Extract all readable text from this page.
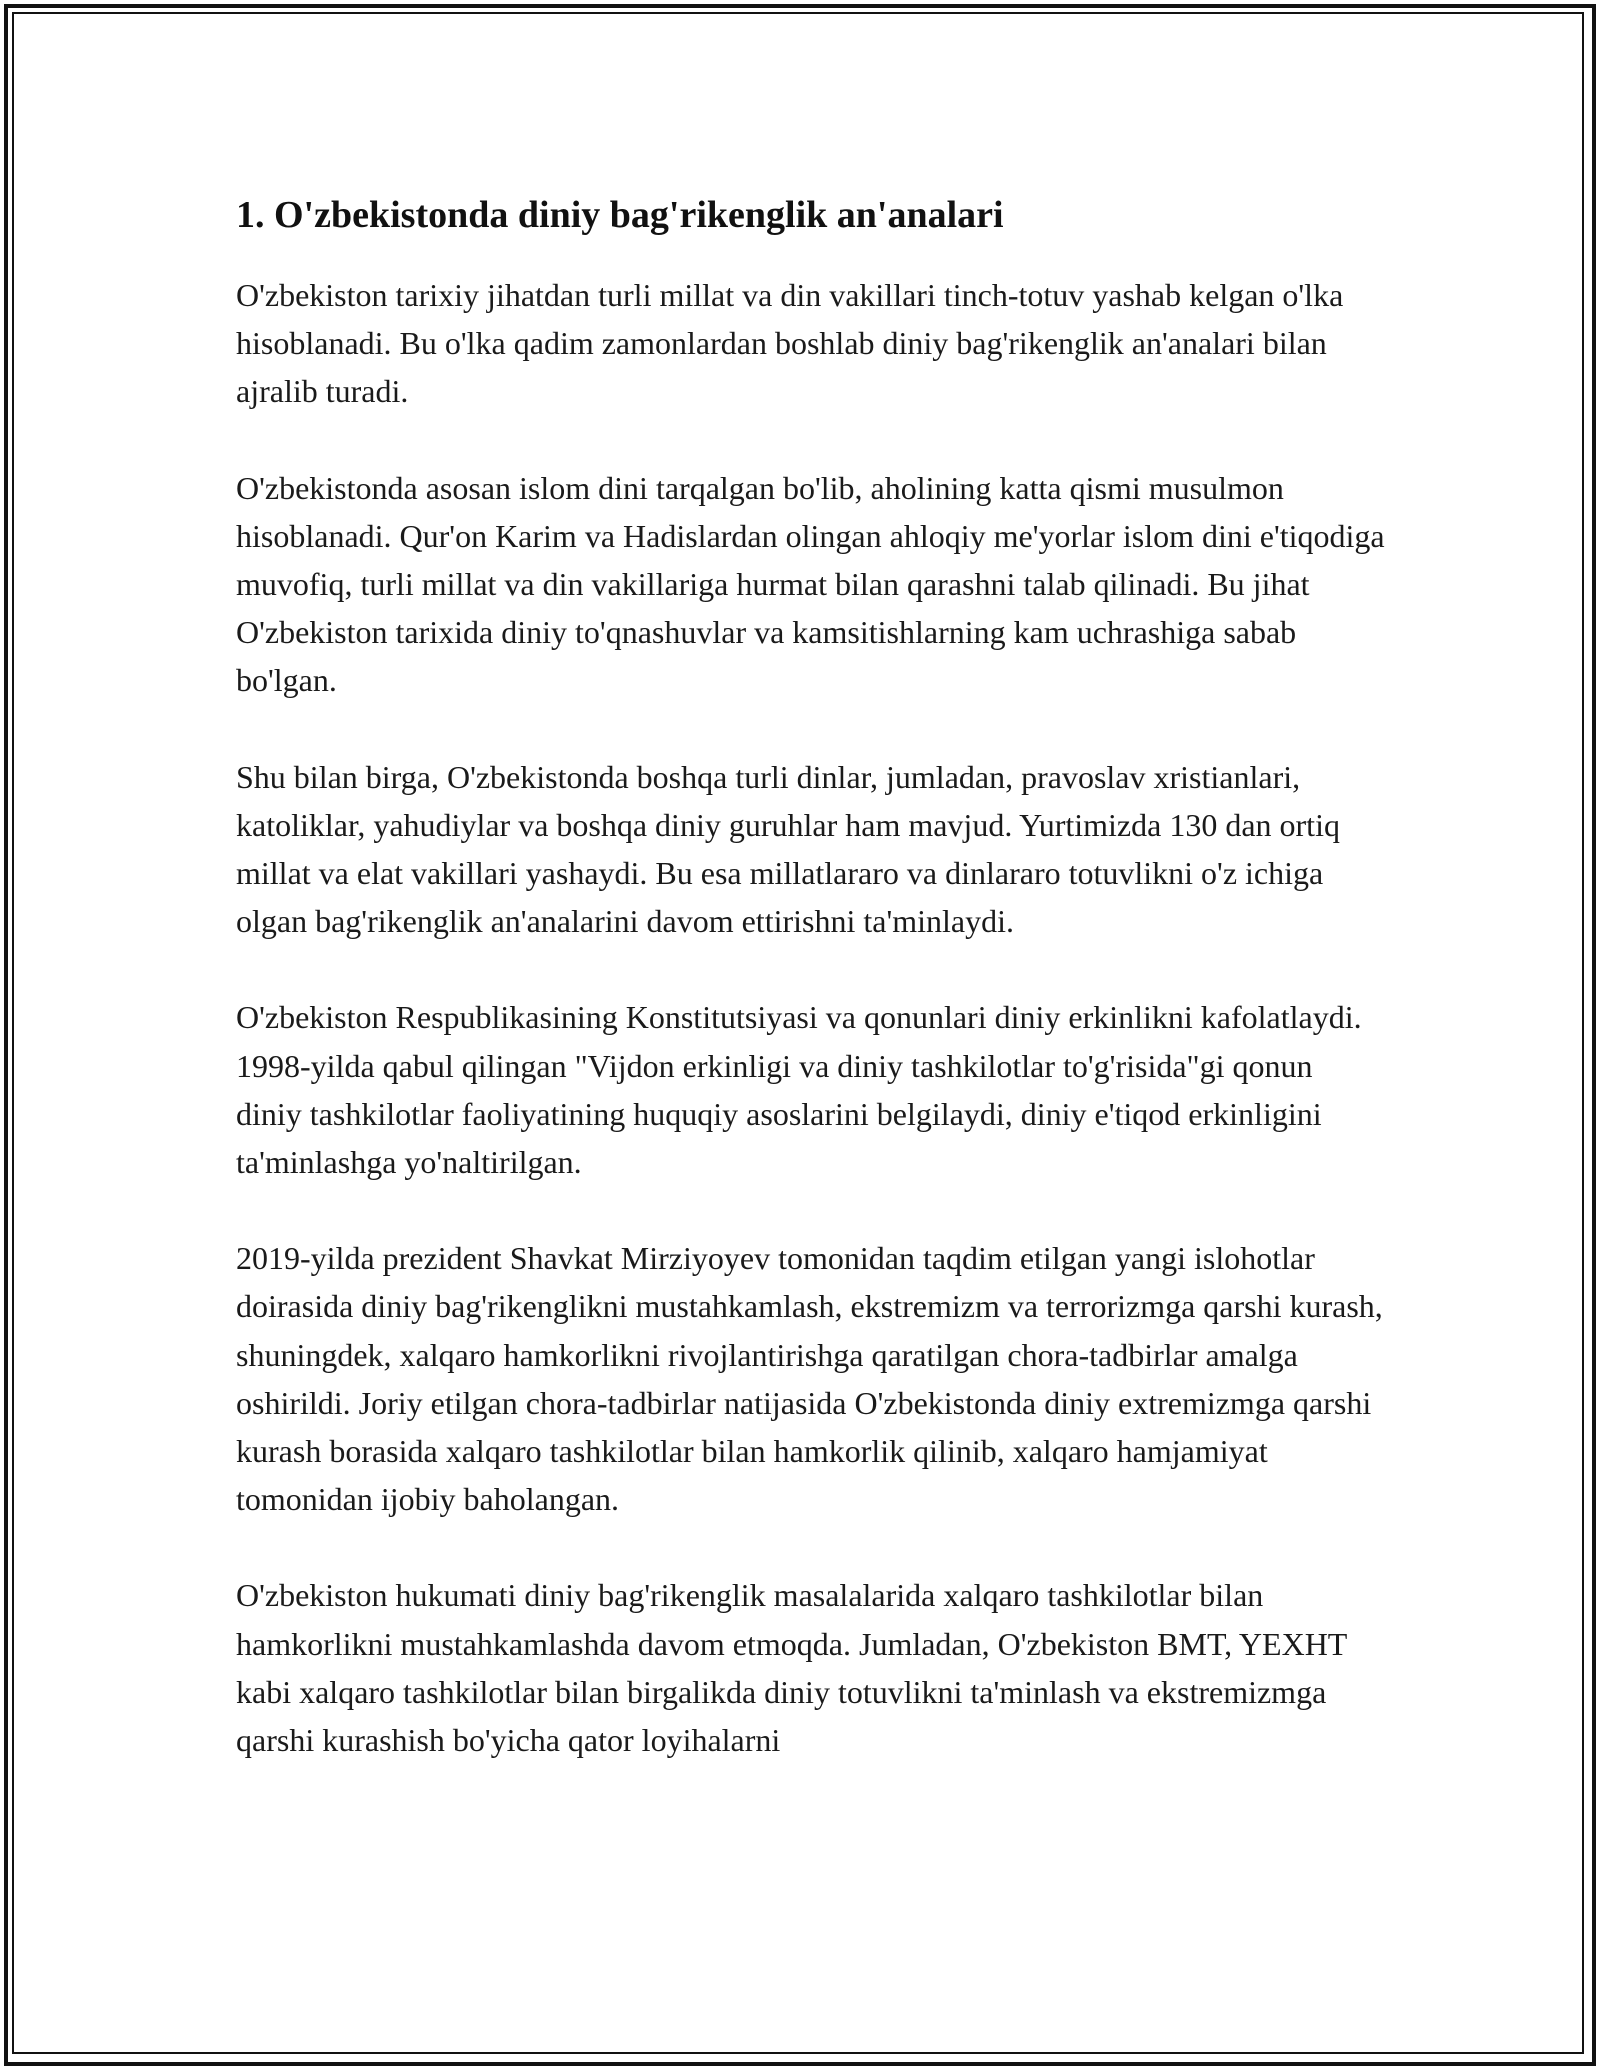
1. O'zbekistonda diniy bag'rikenglik an'analari

O'zbekiston tarixiy jihatdan turli millat va din vakillari tinch-totuv yashab kelgan o'lka hisoblanadi. Bu o'lka qadim zamonlardan boshlab diniy bag'rikenglik an'analari bilan ajralib turadi.

O'zbekistonda asosan islom dini tarqalgan bo'lib, aholining katta qismi musulmon hisoblanadi. Qur'on Karim va Hadislardan olingan ahloqiy me'yorlar islom dini e'tiqodiga muvofiq, turli millat va din vakillariga hurmat bilan qarashni talab qilinadi. Bu jihat O'zbekiston tarixida diniy to'qnashuvlar va kamsitishlarning kam uchrashiga sabab bo'lgan.

Shu bilan birga, O'zbekistonda boshqa turli dinlar, jumladan, pravoslav xristianlari, katoliklar, yahudiylar va boshqa diniy guruhlar ham mavjud. Yurtimizda 130 dan ortiq millat va elat vakillari yashaydi. Bu esa millatlararo va dinlararo totuvlikni o'z ichiga olgan bag'rikenglik an'analarini davom ettirishni ta'minlaydi.

O'zbekiston Respublikasining Konstitutsiyasi va qonunlari diniy erkinlikni kafolatlaydi. 1998-yilda qabul qilingan "Vijdon erkinligi va diniy tashkilotlar to'g'risida"gi qonun diniy tashkilotlar faoliyatining huquqiy asoslarini belgilaydi, diniy e'tiqod erkinligini ta'minlashga yo'naltirilgan.

2019-yilda prezident Shavkat Mirziyoyev tomonidan taqdim etilgan yangi islohotlar doirasida diniy bag'rikenglikni mustahkamlash, ekstremizm va terrorizmga qarshi kurash, shuningdek, xalqaro hamkorlikni rivojlantirishga qaratilgan chora-tadbirlar amalga oshirildi. Joriy etilgan chora-tadbirlar natijasida O'zbekistonda diniy extremizmga qarshi kurash borasida xalqaro tashkilotlar bilan hamkorlik qilinib, xalqaro hamjamiyat tomonidan ijobiy baholangan.

O'zbekiston hukumati diniy bag'rikenglik masalalarida xalqaro tashkilotlar bilan hamkorlikni mustahkamlashda davom etmoqda. Jumladan, O'zbekiston BMT, YEXHT kabi xalqaro tashkilotlar bilan birgalikda diniy totuvlikni ta'minlash va ekstremizmga qarshi kurashish bo'yicha qator loyihalarni
